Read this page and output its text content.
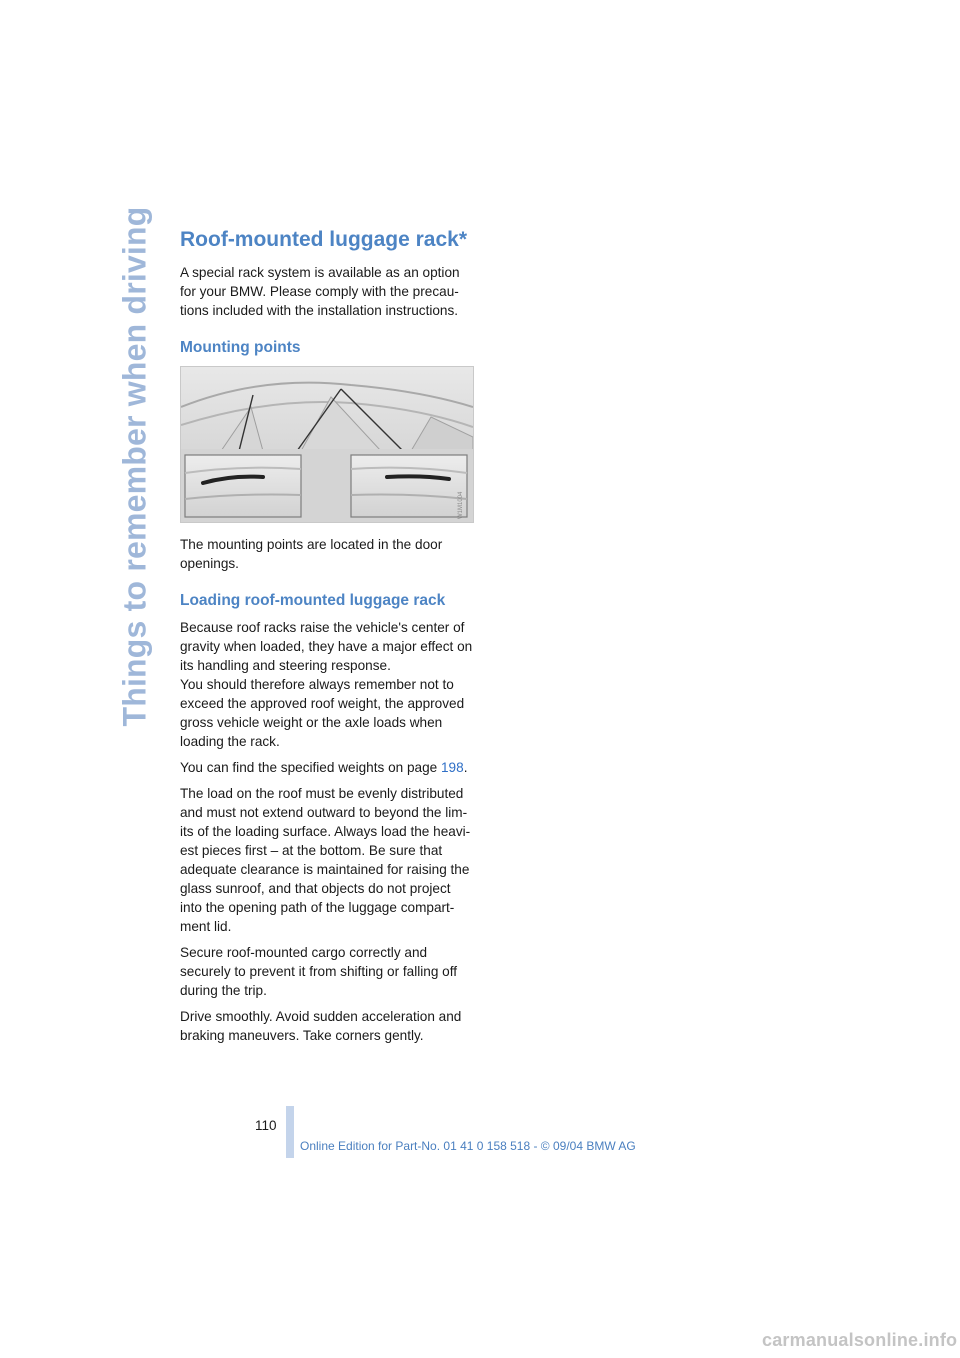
Things to remember when driving Roof-mounted luggage rack*

A special rack system is available as an option for your BMW. Please comply with the precau-tions included with the installation instructions.

Mounting points
W1M1004

The mounting points are located in the door openings.

Loading roof-mounted luggage rack

Because roof racks raise the vehicle's center of gravity when loaded, they have a major effect on its handling and steering response.

You should therefore always remember not to exceed the approved roof weight, the approved gross vehicle weight or the axle loads when loading the rack.

You can find the specified weights on page 198.

The load on the roof must be evenly distributed and must not extend outward to beyond the lim-its of the loading surface. Always load the heavi-est pieces first – at the bottom. Be sure that adequate clearance is maintained for raising the glass sunroof, and that objects do not project into the opening path of the luggage compart-ment lid.

Secure roof-mounted cargo correctly and securely to prevent it from shifting or falling off during the trip.

Drive smoothly. Avoid sudden acceleration and braking maneuvers. Take corners gently.

110
Online Edition for Part-No. 01 41 0 158 518 - © 09/04 BMW AG
carmanualsonline.info
